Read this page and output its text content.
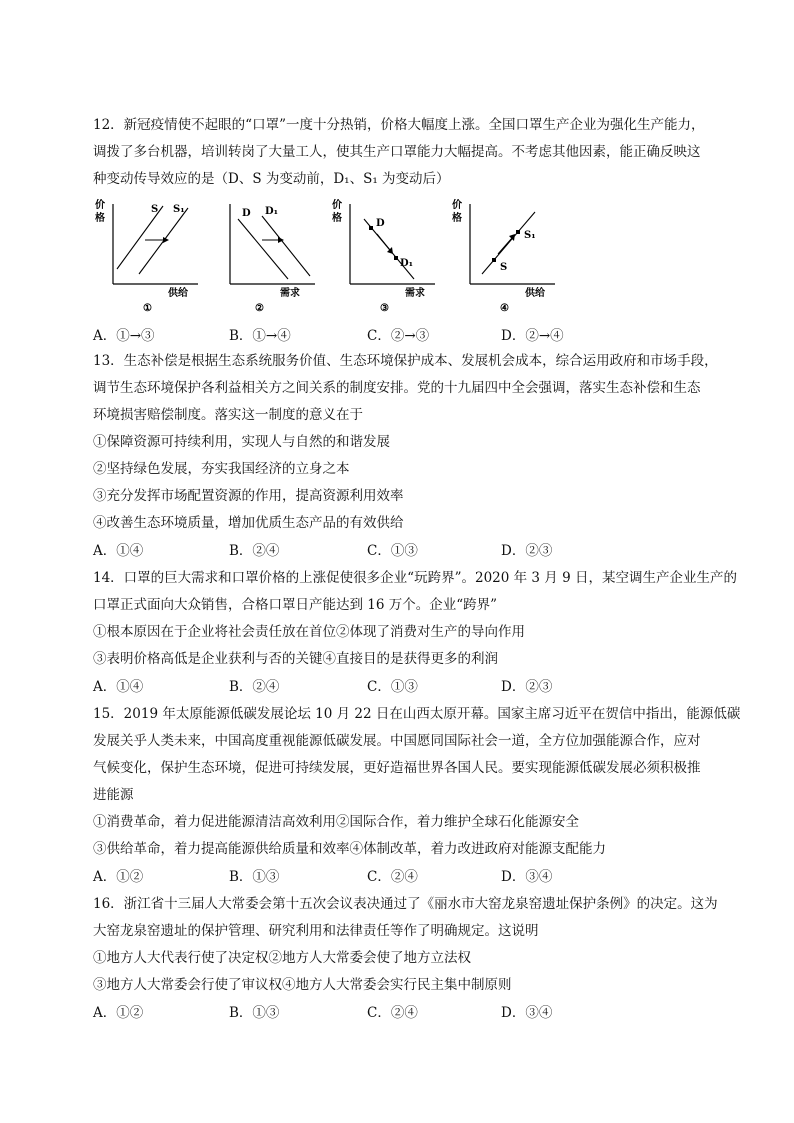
12．新冠疫情使不起眼的“口罩”一度十分热销，价格大幅度上涨。全国口罩生产企业为强化生产能力，
调拨了多台机器，培训转岗了大量工人，使其生产口罩能力大幅提高。不考虑其他因素，能正确反映这
种变动传导效应的是（D、S 为变动前，D₁、S₁ 为变动后）
价格
S S₁
供给
①
D D₁
需求
②
价格	D
D₁
需求
③
价格
S
S₁
供给
④
A．①→③	B．①→④	C．②→③	D．②→④
13．生态补偿是根据生态系统服务价值、生态环境保护成本、发展机会成本，综合运用政府和市场手段，
调节生态环境保护各利益相关方之间关系的制度安排。党的十九届四中全会强调，落实生态补偿和生态
环境损害赔偿制度。落实这一制度的意义在于
①保障资源可持续利用，实现人与自然的和谐发展
②坚持绿色发展，夯实我国经济的立身之本
③充分发挥市场配置资源的作用，提高资源利用效率
④改善生态环境质量，增加优质生态产品的有效供给
A．①④	B．②④	C．①③	D．②③
14．口罩的巨大需求和口罩价格的上涨促使很多企业“玩跨界”。2020 年 3 月 9 日，某空调生产企业生产的
口罩正式面向大众销售，合格口罩日产能达到 16 万个。企业“跨界”
①根本原因在于企业将社会责任放在首位②体现了消费对生产的导向作用
③表明价格高低是企业获利与否的关键④直接目的是获得更多的利润
A．①④	B．②④	C．①③	D．②③
15．2019 年太原能源低碳发展论坛 10 月 22 日在山西太原开幕。国家主席习近平在贺信中指出，能源低碳
发展关乎人类未来，中国高度重视能源低碳发展。中国愿同国际社会一道，全方位加强能源合作，应对
气候变化，保护生态环境，促进可持续发展，更好造福世界各国人民。要实现能源低碳发展必须积极推
进能源
①消费革命，着力促进能源清洁高效利用②国际合作，着力维护全球石化能源安全
③供给革命，着力提高能源供给质量和效率④体制改革，着力改进政府对能源支配能力
A．①②	B．①③	C．②④	D．③④
16．浙江省十三届人大常委会第十五次会议表决通过了《丽水市大窑龙泉窑遗址保护条例》的决定。这为
大窑龙泉窑遗址的保护管理、研究利用和法律责任等作了明确规定。这说明
①地方人大代表行使了决定权②地方人大常委会使了地方立法权
③地方人大常委会行使了审议权④地方人大常委会实行民主集中制原则
A．①②	B．①③	C．②④	D．③④
